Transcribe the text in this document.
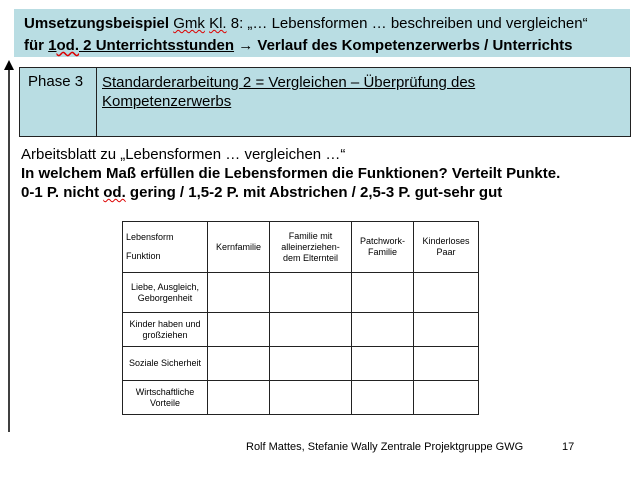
Umsetzungsbeispiel Gmk Kl. 8: „… Lebensformen … beschreiben und vergleichen“
für 1od. 2 Unterrichtsstunden → Verlauf des Kompetenzerwerbs / Unterrichts
Phase 3 Standarderarbeitung 2 = Vergleichen – Überprüfung des Kompetenzerwerbs
Arbeitsblatt zu „Lebensformen … vergleichen …“
In welchem Maß erfüllen die Lebensformen die Funktionen? Verteilt Punkte.
0-1 P. nicht od. gering / 1,5-2 P. mit Abstrichen / 2,5-3 P. gut-sehr gut
Lebensform
Funktion	Kernfamilie	Familie mit alleinerziehen-dem Elternteil	Patchwork-Familie	Kinderloses Paar
Liebe, Ausgleich, Geborgenheit				
Kinder haben und großziehen				
Soziale Sicherheit				
Wirtschaftliche Vorteile				
Rolf Mattes, Stefanie Wally Zentrale Projektgruppe GWG	17
